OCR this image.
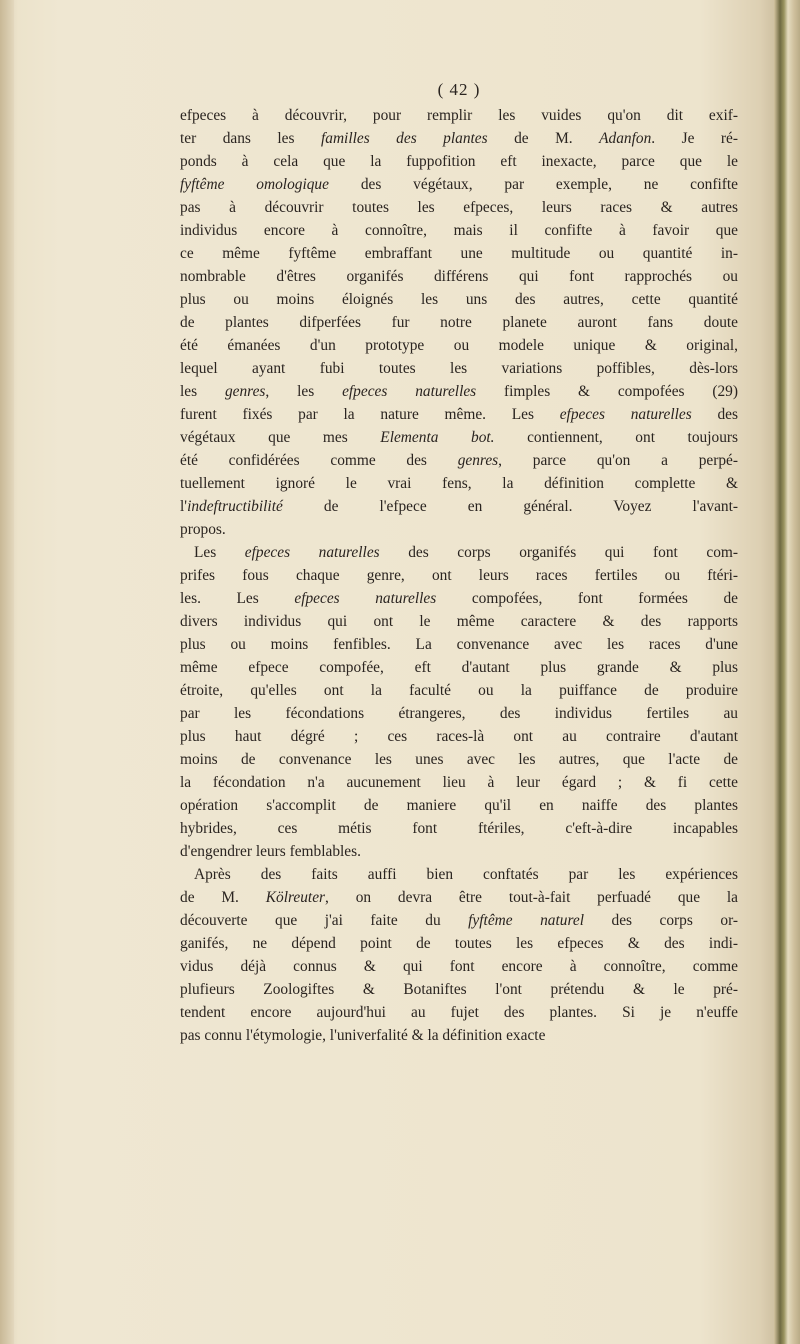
( 42 )
efpeces à découvrir, pour remplir les vuides qu'on dit exif-
ter dans les familles des plantes de M. Adanfon. Je ré-
ponds à cela que la fuppofition eft inexacte, parce que le
fyftême omologique des végétaux, par exemple, ne confifte
pas à découvrir toutes les efpeces, leurs races & autres
individus encore à connoître, mais il confifte à favoir que
ce même fyftême embraffant une multitude ou quantité in-
nombrable d'êtres organifés différens qui font rapprochés ou
plus ou moins éloignés les uns des autres, cette quantité
de plantes difperfées fur notre planete auront fans doute
été émanées d'un prototype ou modele unique & original,
lequel ayant fubi toutes les variations poffibles, dès-lors
les genres, les efpeces naturelles fimples & compofées (29)
furent fixés par la nature même. Les efpeces naturelles des
végétaux que mes Elementa bot. contiennent, ont toujours
été confidérées comme des genres, parce qu'on a perpé-
tuellement ignoré le vrai fens, la définition complette &
l'indeftructibilité de l'efpece en général. Voyez l'avant-
propos.
Les efpeces naturelles des corps organifés qui font com-
prifes fous chaque genre, ont leurs races fertiles ou ftéri-
les. Les efpeces naturelles compofées, font formées de
divers individus qui ont le même caractere & des rapports
plus ou moins fenfibles. La convenance avec les races d'une
même efpece compofée, eft d'autant plus grande & plus
étroite, qu'elles ont la faculté ou la puiffance de produire
par les fécondations étrangeres, des individus fertiles au
plus haut dégré ; ces races-là ont au contraire d'autant
moins de convenance les unes avec les autres, que l'acte de
la fécondation n'a aucunement lieu à leur égard ; & fi cette
opération s'accomplit de maniere qu'il en naiffe des plantes
hybrides, ces métis font ftériles, c'eft-à-dire incapables
d'engendrer leurs femblables.
Après des faits auffi bien conftatés par les expériences
de M. Kölreuter, on devra être tout-à-fait perfuadé que la
découverte que j'ai faite du fyftême naturel des corps or-
ganifés, ne dépend point de toutes les efpeces & des indi-
vidus déjà connus & qui font encore à connoître, comme
plufieurs Zoologiftes & Botaniftes l'ont prétendu & le pré-
tendent encore aujourd'hui au fujet des plantes. Si je n'euffe
pas connu l'étymologie, l'univerfalité & la définition exacte
